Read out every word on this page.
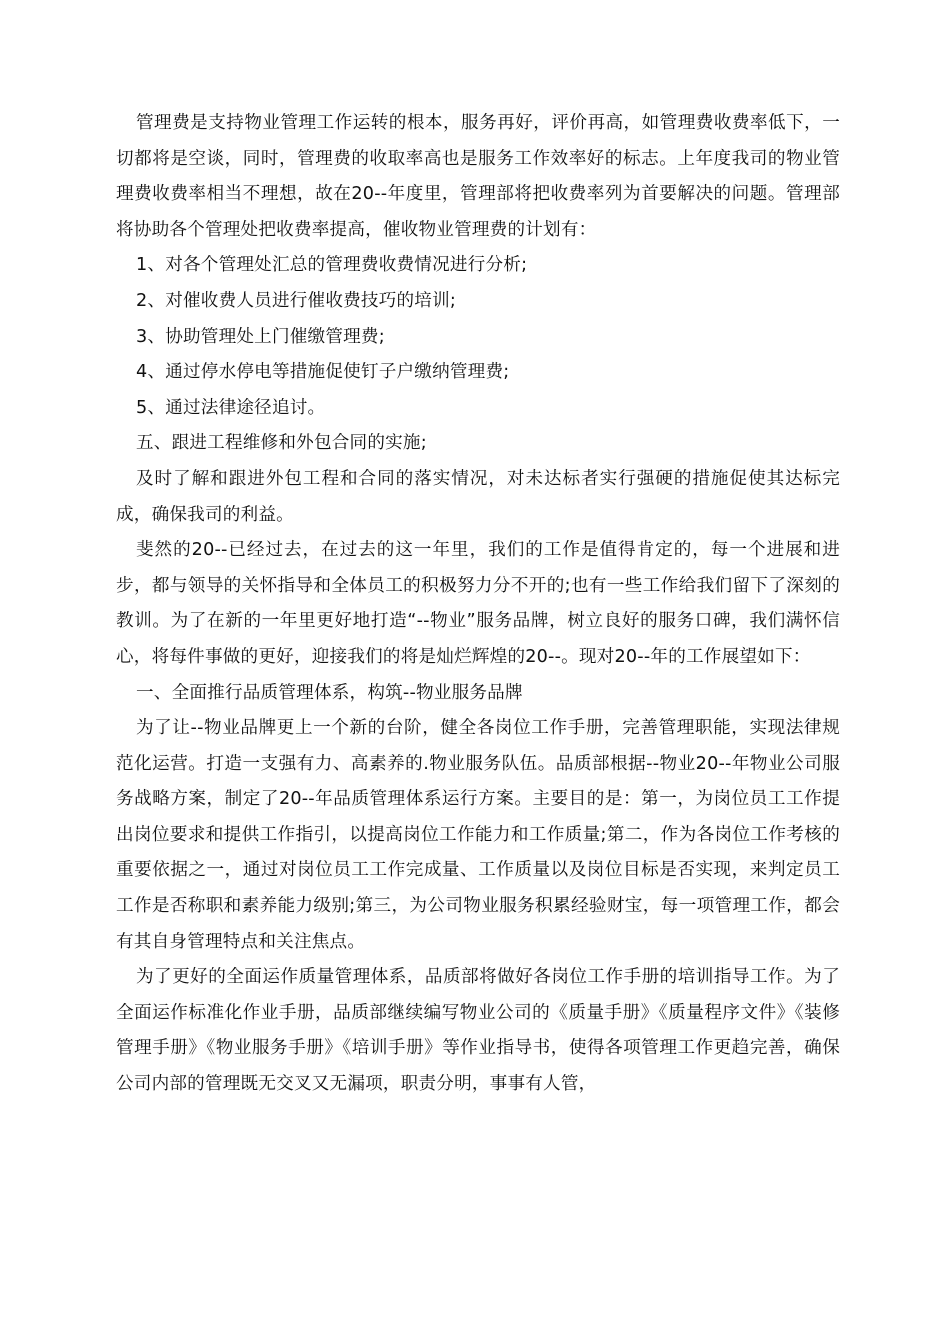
管理费是支持物业管理工作运转的根本，服务再好，评价再高，如管理费收费率低下，一切都将是空谈，同时，管理费的收取率高也是服务工作效率好的标志。上年度我司的物业管理费收费率相当不理想，故在20--年度里，管理部将把收费率列为首要解决的问题。管理部将协助各个管理处把收费率提高，催收物业管理费的计划有：

1、对各个管理处汇总的管理费收费情况进行分析;

2、对催收费人员进行催收费技巧的培训;

3、协助管理处上门催缴管理费;

4、通过停水停电等措施促使钉子户缴纳管理费;

5、通过法律途径追讨。

五、跟进工程维修和外包合同的实施;

及时了解和跟进外包工程和合同的落实情况，对未达标者实行强硬的措施促使其达标完成，确保我司的利益。

斐然的20--已经过去，在过去的这一年里，我们的工作是值得肯定的，每一个进展和进步，都与领导的关怀指导和全体员工的积极努力分不开的;也有一些工作给我们留下了深刻的教训。为了在新的一年里更好地打造“--物业”服务品牌，树立良好的服务口碑，我们满怀信心，将每件事做的更好，迎接我们的将是灿烂辉煌的20--。现对20--年的工作展望如下：

一、全面推行品质管理体系，构筑--物业服务品牌

为了让--物业品牌更上一个新的台阶，健全各岗位工作手册，完善管理职能，实现法律规范化运营。打造一支强有力、高素养的.物业服务队伍。品质部根据--物业20--年物业公司服务战略方案，制定了20--年品质管理体系运行方案。主要目的是：第一，为岗位员工工作提出岗位要求和提供工作指引，以提高岗位工作能力和工作质量;第二，作为各岗位工作考核的重要依据之一，通过对岗位员工工作完成量、工作质量以及岗位目标是否实现，来判定员工工作是否称职和素养能力级别;第三，为公司物业服务积累经验财宝，每一项管理工作，都会有其自身管理特点和关注焦点。

为了更好的全面运作质量管理体系，品质部将做好各岗位工作手册的培训指导工作。为了全面运作标准化作业手册，品质部继续编写物业公司的《质量手册》《质量程序文件》《装修管理手册》《物业服务手册》《培训手册》等作业指导书，使得各项管理工作更趋完善，确保公司内部的管理既无交叉又无漏项，职责分明，事事有人管，
